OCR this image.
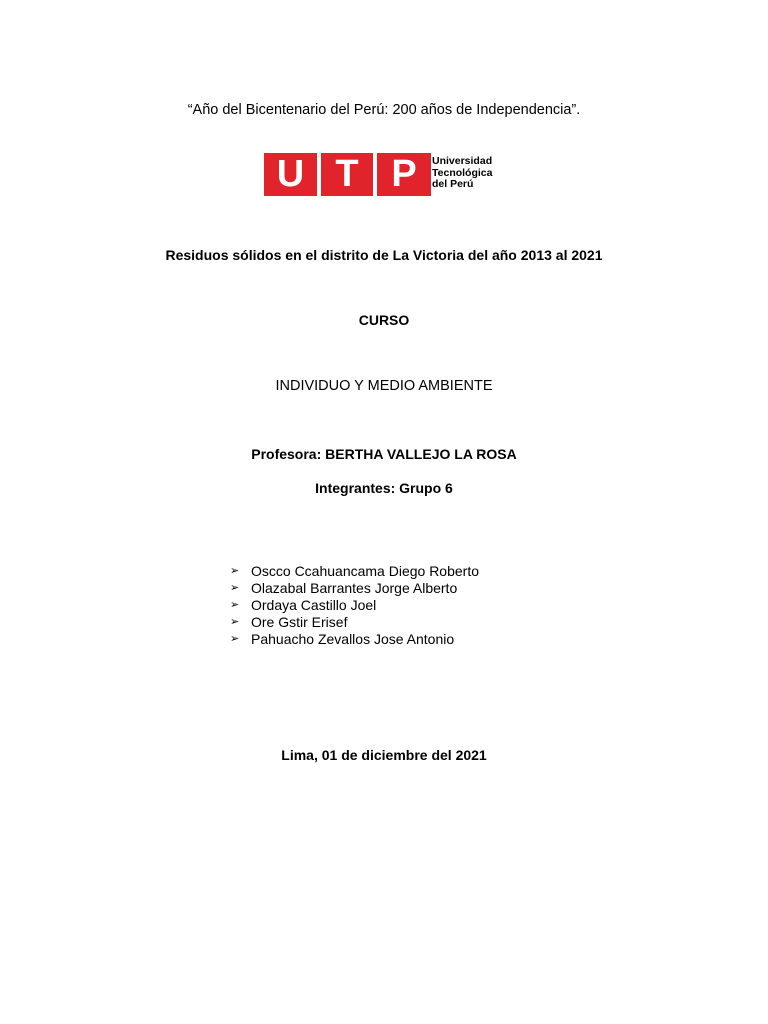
“Año del Bicentenario del Perú: 200 años de Independencia”.
U T P	Universidad
Tecnológica
del Perú
Residuos sólidos en el distrito de La Victoria del año 2013 al 2021
CURSO
INDIVIDUO Y MEDIO AMBIENTE
Profesora: BERTHA VALLEJO LA ROSA
Integrantes: Grupo 6
➢ Oscco Ccahuancama Diego Roberto
➢ Olazabal Barrantes Jorge Alberto
➢ Ordaya Castillo Joel
➢ Ore Gstir Erisef
➢ Pahuacho Zevallos Jose Antonio
Lima, 01 de diciembre del 2021
